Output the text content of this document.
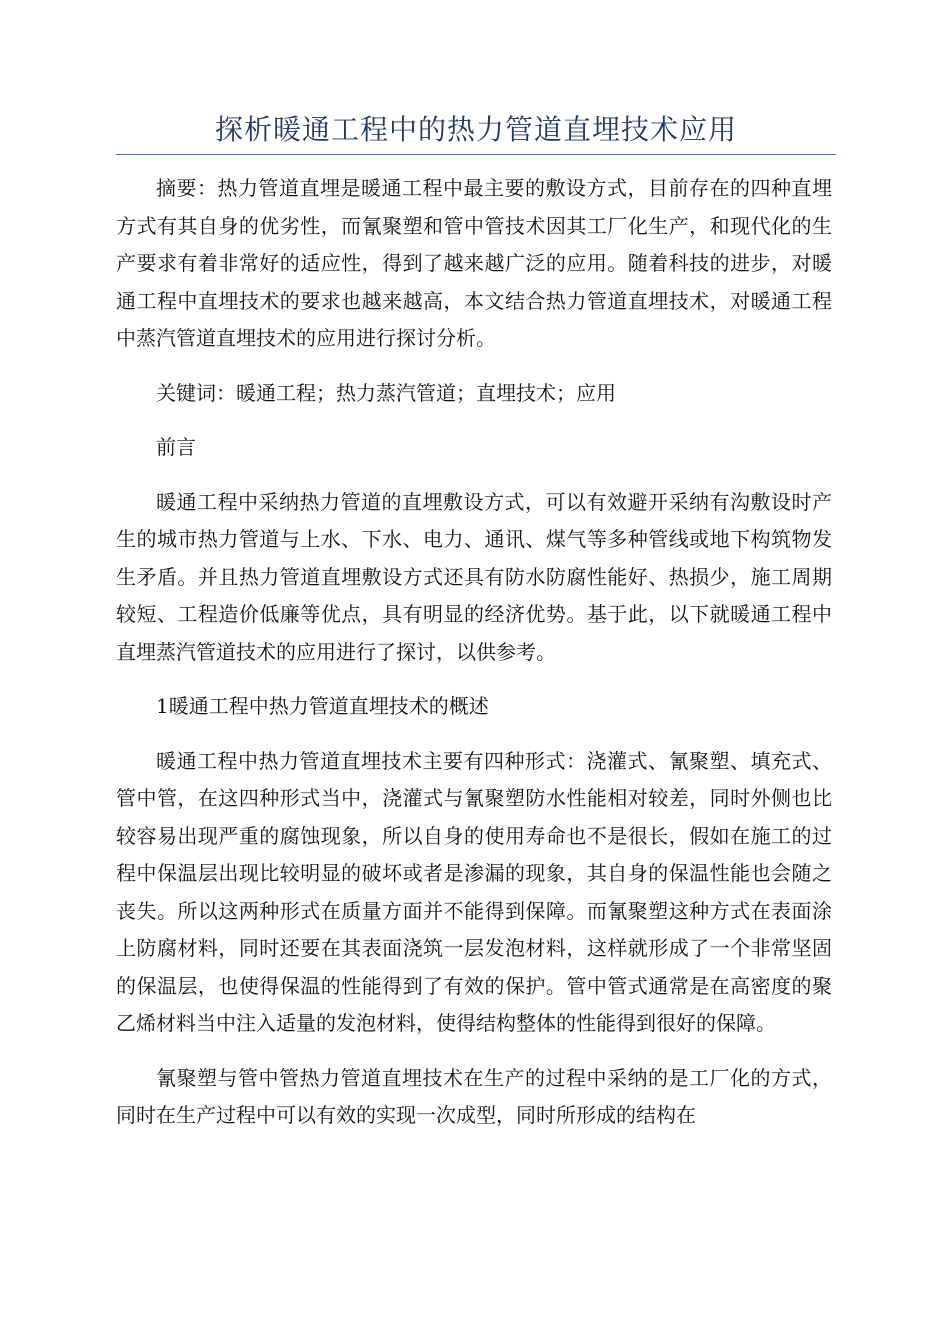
探析暖通工程中的热力管道直埋技术应用

摘要：热力管道直埋是暖通工程中最主要的敷设方式，目前存在的四种直埋方式有其自身的优劣性，而氰聚塑和管中管技术因其工厂化生产，和现代化的生产要求有着非常好的适应性，得到了越来越广泛的应用。随着科技的进步，对暖通工程中直埋技术的要求也越来越高，本文结合热力管道直埋技术，对暖通工程中蒸汽管道直埋技术的应用进行探讨分析。

关键词：暖通工程；热力蒸汽管道；直埋技术；应用

前言

暖通工程中采纳热力管道的直埋敷设方式，可以有效避开采纳有沟敷设时产生的城市热力管道与上水、下水、电力、通讯、煤气等多种管线或地下构筑物发生矛盾。并且热力管道直埋敷设方式还具有防水防腐性能好、热损少，施工周期较短、工程造价低廉等优点，具有明显的经济优势。基于此，以下就暖通工程中直埋蒸汽管道技术的应用进行了探讨，以供参考。

1暖通工程中热力管道直埋技术的概述

暖通工程中热力管道直埋技术主要有四种形式：浇灌式、氰聚塑、填充式、管中管，在这四种形式当中，浇灌式与氰聚塑防水性能相对较差，同时外侧也比较容易出现严重的腐蚀现象，所以自身的使用寿命也不是很长，假如在施工的过程中保温层出现比较明显的破坏或者是渗漏的现象，其自身的保温性能也会随之丧失。所以这两种形式在质量方面并不能得到保障。而氰聚塑这种方式在表面涂上防腐材料，同时还要在其表面浇筑一层发泡材料，这样就形成了一个非常坚固的保温层，也使得保温的性能得到了有效的保护。管中管式通常是在高密度的聚乙烯材料当中注入适量的发泡材料，使得结构整体的性能得到很好的保障。

氰聚塑与管中管热力管道直埋技术在生产的过程中采纳的是工厂化的方式，同时在生产过程中可以有效的实现一次成型，同时所形成的结构在
